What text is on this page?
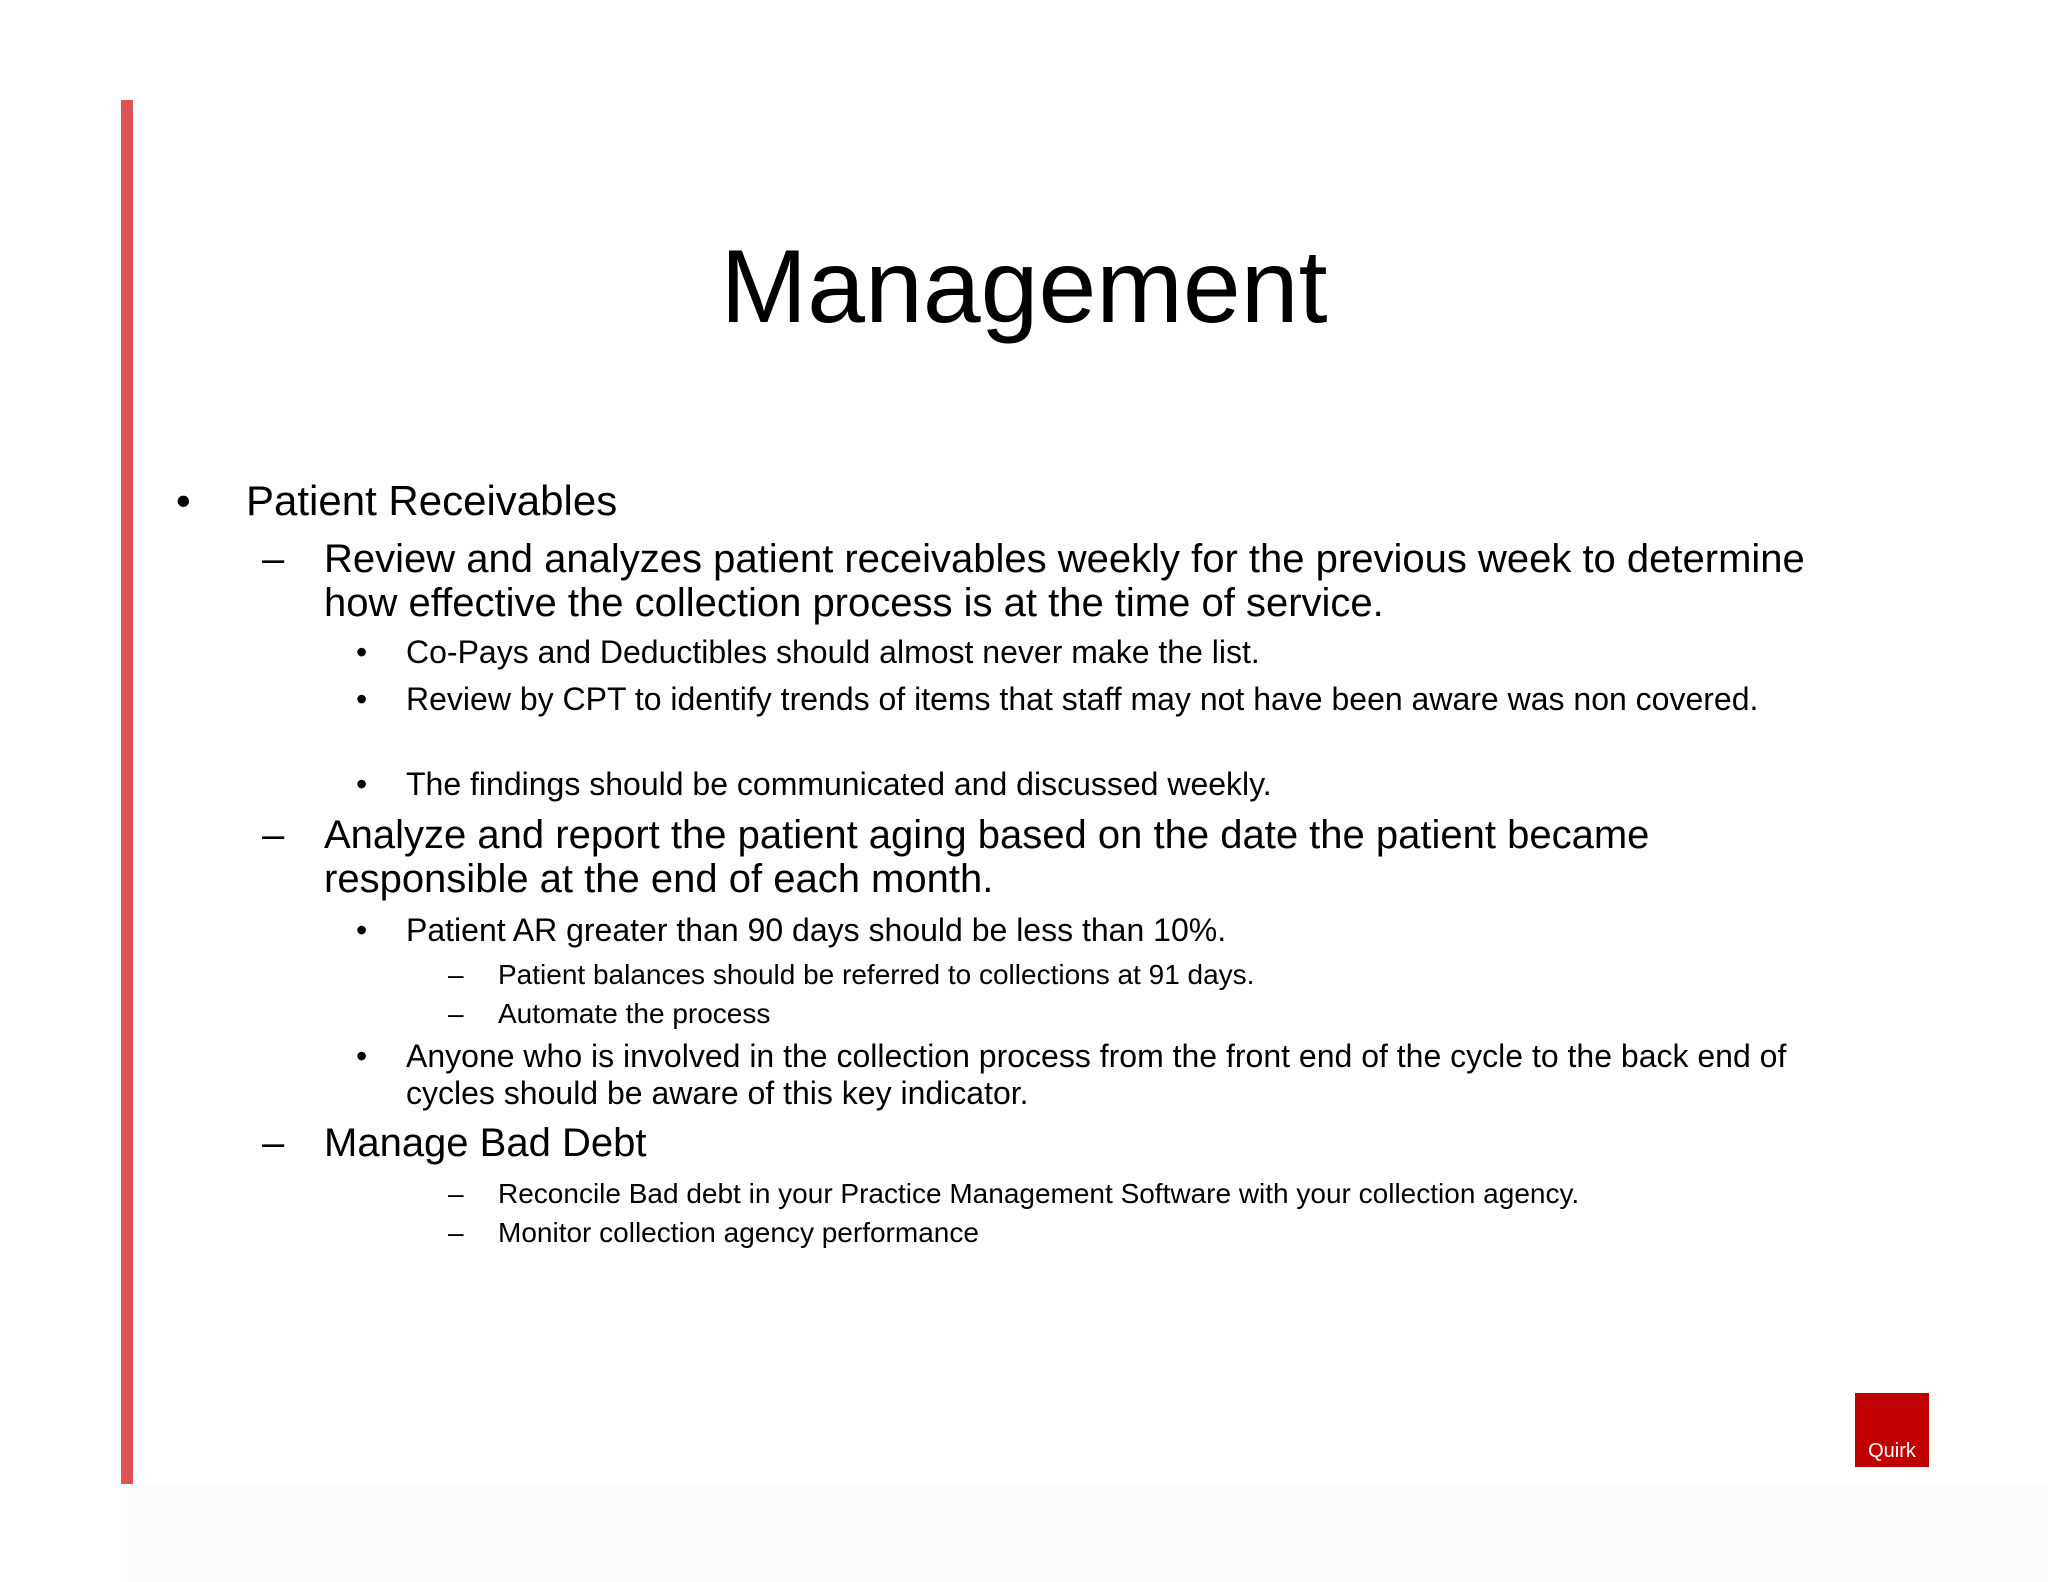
Management
•	Patient Receivables
– Review and analyzes patient receivables weekly for the previous week to determine how effective the collection process is at the time of service.
•	Co-Pays and Deductibles should almost never make the list.
•	Review by CPT to identify trends of items that staff may not have been aware was non covered.
•	The findings should be communicated and discussed weekly.
– Analyze and report the patient aging based on the date the patient became responsible at the end of each month.
•	Patient AR greater than 90 days should be less than 10%.
–	Patient balances should be referred to collections at 91 days.
–	Automate the process
•	Anyone who is involved in the collection process from the front end of the cycle to the back end of cycles should be aware of this key indicator.
– Manage Bad Debt
–	Reconcile Bad debt in your Practice Management Software with your collection agency.
–	Monitor collection agency performance
Quirk
